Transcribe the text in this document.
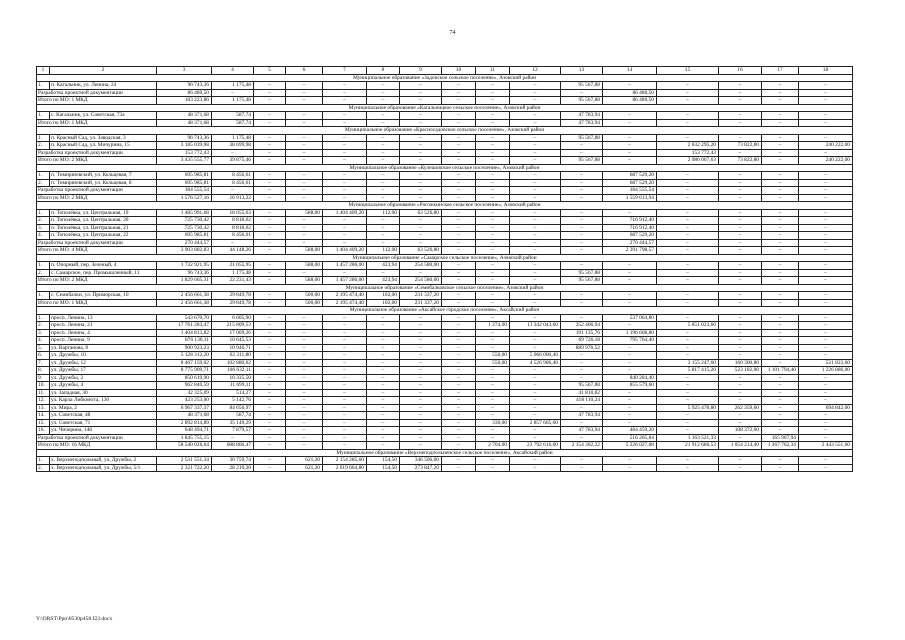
74
1	2	3	4	5	6	7	8	9	10	11	12	13	14	15	16	17	18
Муниципальное образование «Задонское сельское поселение», Азовский район																	
1.	п. Кагальник, ул. Ленина, 24	96 743,36	1 175,48	–	–	–	–	–	–	–	–	95 567,88	–	–	–	–	–
Разработка проектной документации		86 480,50	–	–	–	–	–	–	–	–	–	–	86 480,50	–	–	–	–
Итого по МО: 1 МКД		183 223,86	1 175,48	–	–	–	–	–	–	–	–	95 567,88	86 480,50	–	–	–	–
Муниципальное образование «Кагальницкое сельское поселение», Азовский район																	
1.	с. Кагальник, ул. Советская, 73а	48 371,68	587,74	–	–	–	–	–	–	–	–	47 783,94	–	–	–	–	–
Итого по МО: 1 МКД		48 371,68	587,74	–	–	–	–	–	–	–	–	47 783,94	–	–	–	–	–
Муниципальное образование «Красносадовское сельское поселение», Азовский район																	
1.	п. Красный Сад, ул. Заводская, 3	96 743,36	1 175,48	–	–	–	–	–	–	–	–	95 567,88	–	–	–	–	–
2.	п. Красный Сад, ул. Мичурина, 15	3 185 039,98	38 699,98	–	–	–	–	–	–	–	–	–	–	2 832 295,20	73 822,80	–	240 222,00
Разработка проектной документации		153 772,43	–	–	–	–	–	–	–	–	–	–	–	153 772,43	–	–	–
Итого по МО: 2 МКД		3 435 555,77	39 875,46	–	–	–	–	–	–	–	–	95 567,88	–	2 986 067,63	73 822,80	–	240 222,00
Муниципальное образование «Кулешовское сельское поселение», Азовский район																	
1.	п. Тимирязевский, ул. Кольцевая, 7	695 985,81	8 456,61	–	–	–	–	–	–	–	–	–	687 529,20	–	–	–	–
2.	п. Тимирязевский, ул. Кольцевая, 8	695 985,81	8 456,61	–	–	–	–	–	–	–	–	–	687 529,20	–	–	–	–
Разработка проектной документации		184 555,54	–	–	–	–	–	–	–	–	–	–	184 555,54	–	–	–	–
Итого по МО: 2 МКД		1 576 527,16	16 913,22	–	–	–	–	–	–	–	–	–	1 559 613,94	–	–	–	–
Муниципальное образование «Рогожкинское сельское поселение», Азовский район																	
1.	п. Тополёвка, ул. Центральная, 19	1 485 991,68	18 055,63	–	588,00	1 404 409,20	112,00	63 526,80	–	–	–	–	–	–	–	–	–
2.	п. Тополёвка, ул. Центральная, 20	725 730,42	8 818,02	–	–	–	–	–	–	–	–	–	716 912,40	–	–	–	–
3.	п. Тополёвка, ул. Центральная, 21	725 730,42	8 818,02	–	–	–	–	–	–	–	–	–	716 912,40	–	–	–	–
4.	п. Тополёвка, ул. Центральная, 22	695 985,81	8 456,61	–	–	–	–	–	–	–	–	–	687 529,20	–	–	–	–
Разработка проектной документации		270 444,57	–	–	–	–	–	–	–	–	–	–	270 444,57	–	–	–	–
Итого по МО: 4 МКД		3 903 882,83	44 148,26	–	588,00	1 404 409,20	112,00	63 526,80	–	–	–	–	2 391 798,57	–	–	–	–
Муниципальное образование «Самарское сельское поселение», Азовский район																	
1.	п. Опорный, пер. Зеленый, 4	1 732 921,95	21 055,95	–	588,00	1 457 286,00	423,94	254 580,00	–	–	–	–	–	–	–	–	–
2.	с. Самарское, пер. Промышленный, 11	96 743,36	1 175,48	–	–	–	–	–	–	–	–	95 567,88	–	–	–	–	–
Итого по МО: 2 МКД		1 829 665,31	22 231,43	–	588,00	1 457 286,00	423,94	254 580,00	–	–	–	95 567,88	–	–	–	–	–
Муниципальное образование «Семибалковское сельское поселение», Азовский район																	
1.	с. Семибалки, ул. Приморская, 10	2 456 661,38	29 849,78	–	500,00	2 195 474,40	102,00	231 337,20	–	–	–	–	–	–	–	–	–
Итого по МО: 1 МКД		2 456 661,38	29 849,78	–	500,00	2 195 474,40	102,00	231 337,20	–	–	–	–	–	–	–	–	–
Муниципальное образование «Аксайское городское поселение», Аксайский район																	
1.	просп. Ленина, 13	543 670,70	6 605,90	–	–	–	–	–	–	–	–	–	537 064,80	–	–	–	–
2.	просп. Ленина, 21	17 761 283,47	215 809,53	–	–	–	–	–	–	1 274,00	11 342 043,60	352 406,94	–	5 851 023,60	–	–	–
3.	просп. Ленина, 4	1 404 813,82	17 069,26	–	–	–	–	–	–	–	–	191 135,76	1 196 608,80	–	–	–	–
4.	просп. Ленина, 9	876 136,11	10 645,53	–	–	–	–	–	–	–	–	69 726,18	795 764,40	–	–	–	–
5.	ул. Вартанова, 8	900 923,23	10 946,71	–	–	–	–	–	–	–	–	889 976,52	–	–	–	–	–
6.	ул. Дружбы, 10	5 128 312,20	62 311,80	–	–	–	–	–	–	550,00	5 066 000,40	–	–	–	–	–	–
7.	ул. Дружбы, 12	8 467 159,02	102 880,62	–	–	–	–	–	–	550,00	4 526 906,40	–	–	3 155 247,60	160 300,80	–	521 823,60
8.	ул. Дружбы, 17	8 775 909,71	106 632,11	–	–	–	–	–	–	–	–	–	–	5 817 415,20	523 182,00	1 101 794,40	1 226 886,00
9.	ул. Дружбы, 2	850 619,90	10 335,50	–	–	–	–	–	–	–	–	–	840 284,40	–	–	–	–
10.	ул. Дружбы, 4	962 846,59	11 699,11	–	–	–	–	–	–	–	–	95 567,88	855 579,60	–	–	–	–
11.	ул. Западная, 30	42 325,09	514,27	–	–	–	–	–	–	–	–	41 810,82	–	–	–	–	–
12.	ул. Карла Либкнехта, 130	423 253,00	5 142,76	–	–	–	–	–	–	–	–	418 110,24	–	–	–	–	–
13.	ул. Мира, 2	6 967 337,37	84 656,97	–	–	–	–	–	–	–	–	–	–	5 925 478,80	262 359,60	–	694 842,00
14.	ул. Советская, 48	48 371,68	587,74	–	–	–	–	–	–	–	–	47 783,94	–	–	–	–	–
15.	ул. Советская, 71	2 892 814,89	35 149,29	–	–	–	–	–	–	330,00	2 857 665,60	–	–	–	–	–	–
16.	ул. Чичерина, 148	648 494,71	7 879,57	–	–	–	–	–	–	–	–	47 783,94	484 459,20	–	108 372,00	–	–
Разработка проектной документации		1 845 755,15	–	–	–	–	–	–	–	–	–	–	516 265,84	1 163 521,33	–	165 967,94	–
Итого по МО: 16 МКД		58 540 026,64	688 866,47	–	–	–	–	–	–	2 704,00	23 792 616,00	2 154 302,22	5 226 027,08	21 912 686,53	1 054 214,40	1 267 762,34	2 443 551,60
Муниципальное образование «Верхнеподпольненское сельское поселение», Аксайский район																	
1.	х. Верхнеподпольный, ул. Дружбы, 2	2 531 551,34	30 759,74	–	621,20	2 154 285,60	154,50	346 506,00	–	–	–	–	–	–	–	–	–
2.	х. Верхнеподпольный, ул. Дружбы, 5/1	2 321 722,20	28 210,20	–	621,20	2 019 664,80	154,50	273 847,20	–	–	–	–	–	–	–	–	–
Y:\ORST\Ppo\0530p458.f23.docx
